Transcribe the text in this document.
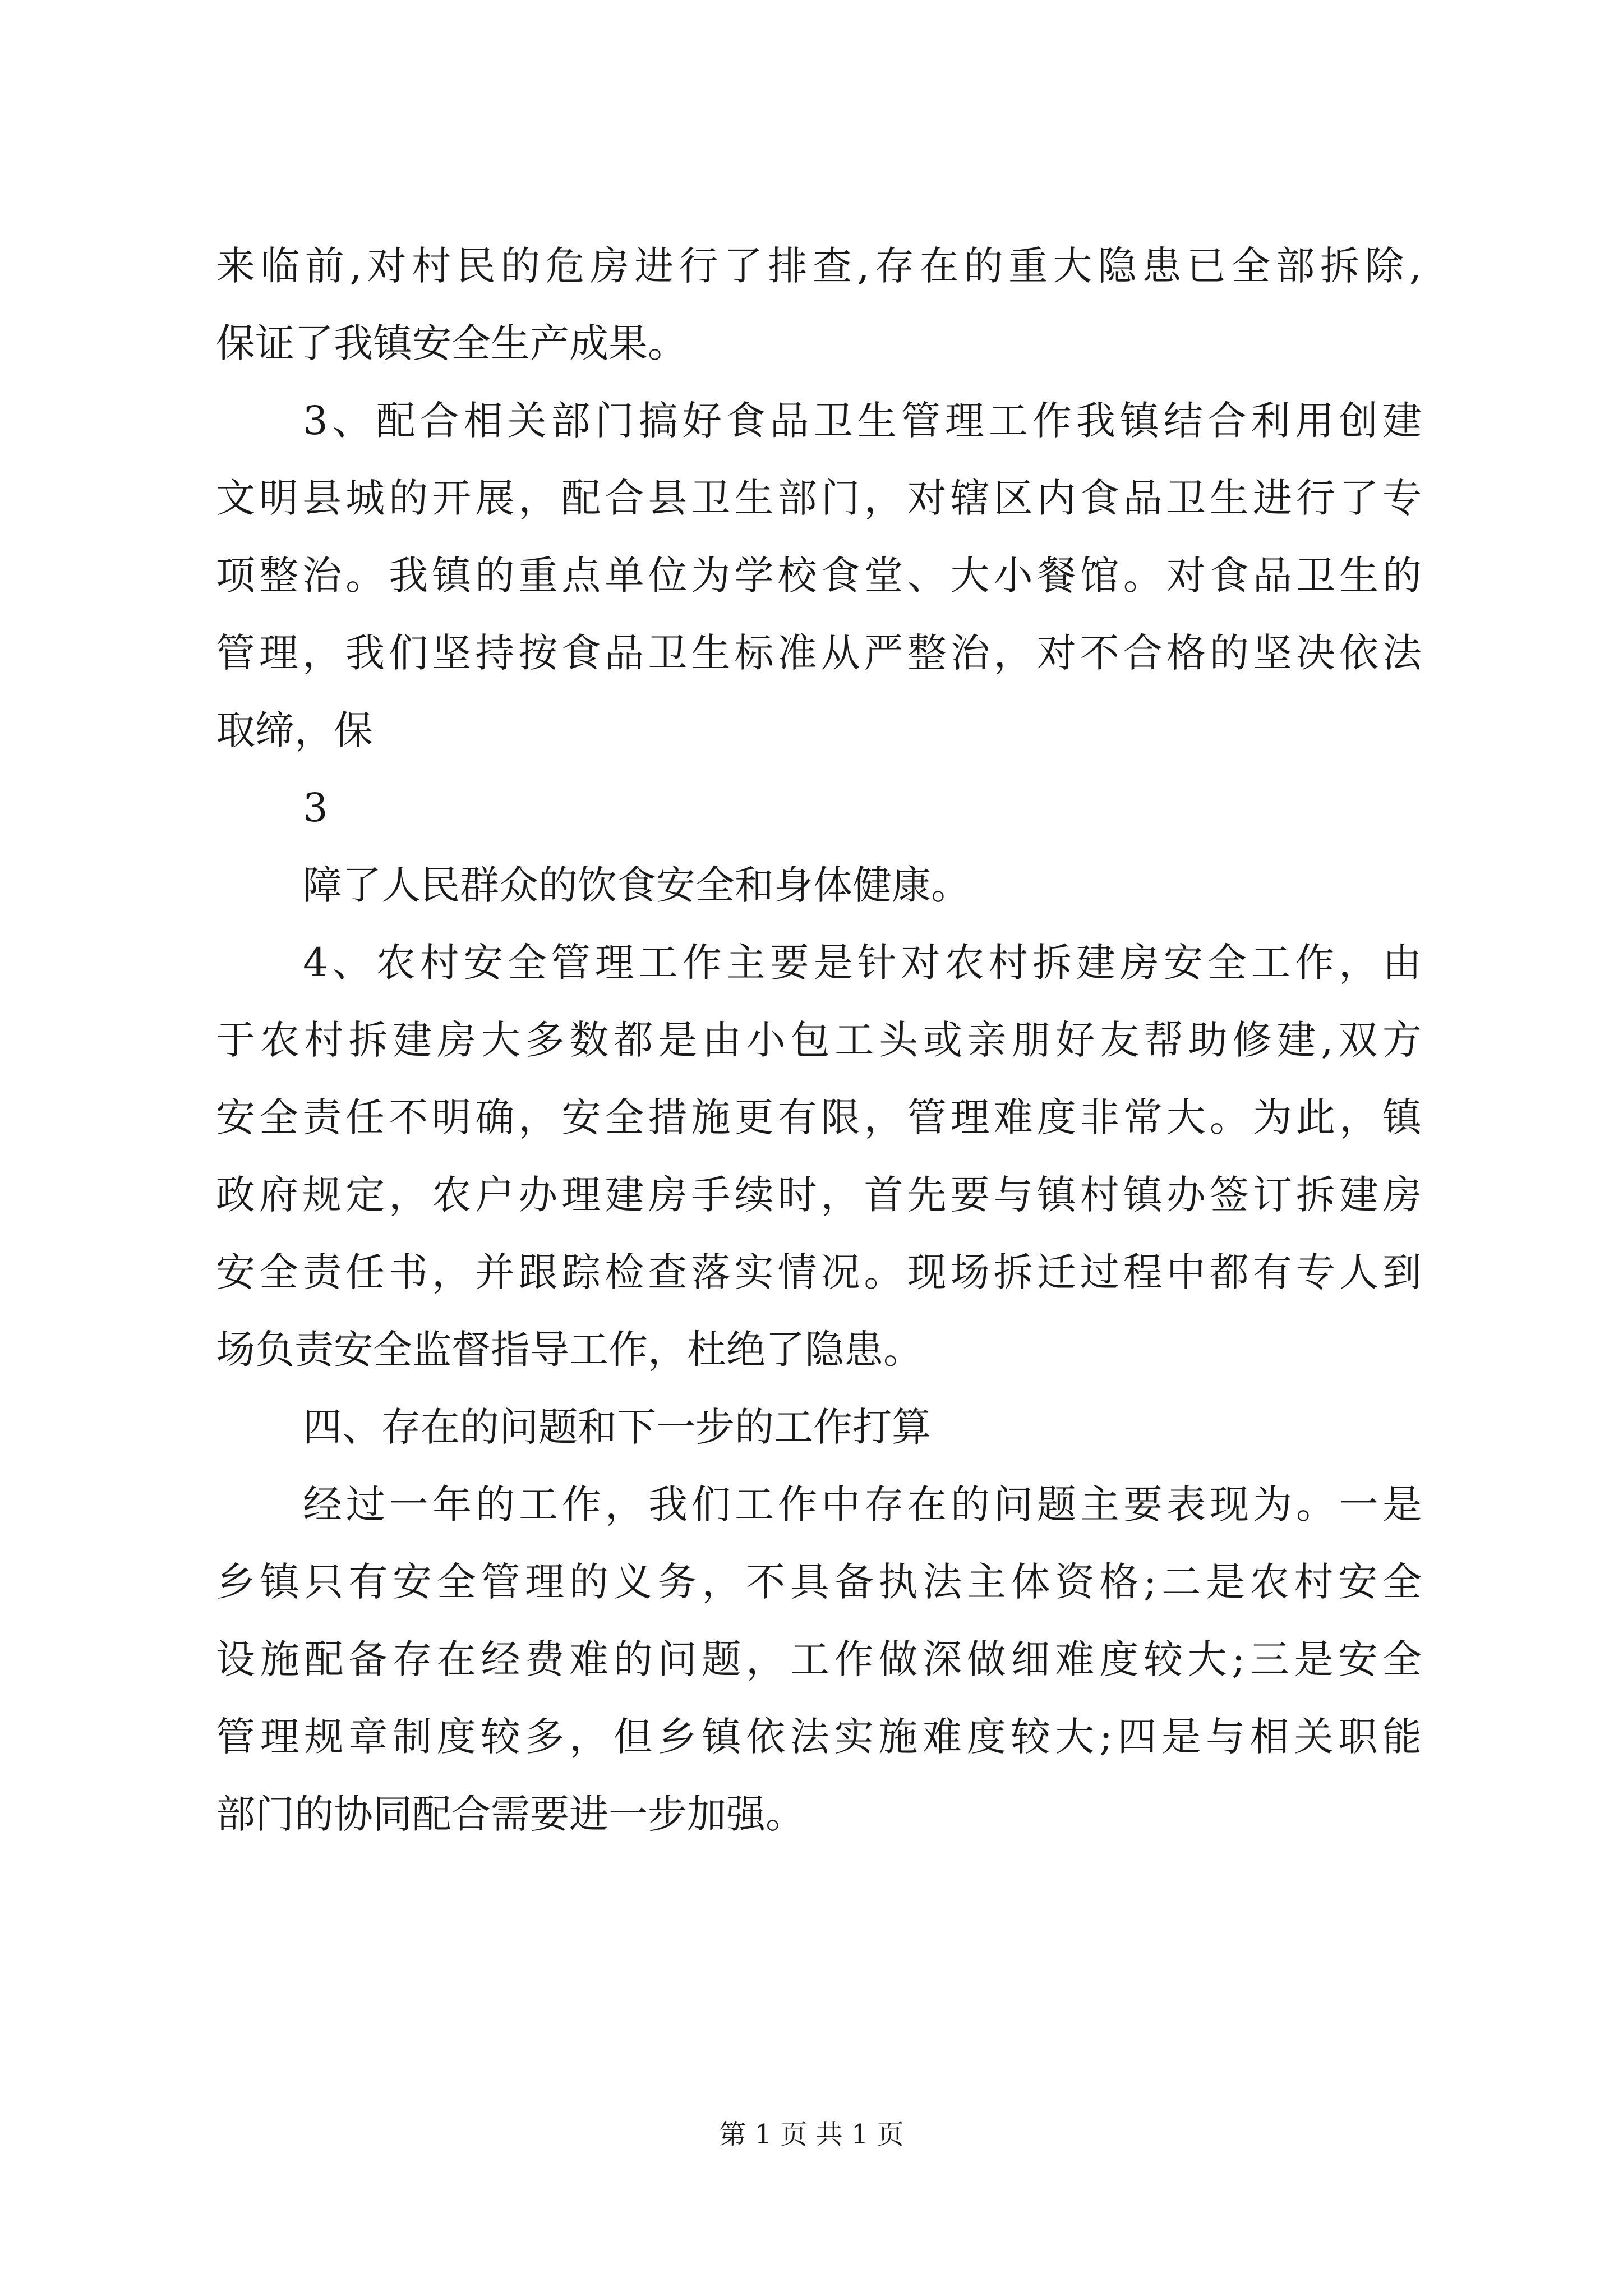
来临前,对村民的危房进行了排查,存在的重大隐患已全部拆除,
保证了我镇安全生产成果。
3、配合相关部门搞好食品卫生管理工作我镇结合利用创建
文明县城的开展，配合县卫生部门，对辖区内食品卫生进行了专
项整治。我镇的重点单位为学校食堂、大小餐馆。对食品卫生的
管理，我们坚持按食品卫生标准从严整治，对不合格的坚决依法
取缔，保
3
障了人民群众的饮食安全和身体健康。
4、农村安全管理工作主要是针对农村拆建房安全工作，由
于农村拆建房大多数都是由小包工头或亲朋好友帮助修建,双方
安全责任不明确，安全措施更有限，管理难度非常大。为此，镇
政府规定，农户办理建房手续时，首先要与镇村镇办签订拆建房
安全责任书，并跟踪检查落实情况。现场拆迁过程中都有专人到
场负责安全监督指导工作，杜绝了隐患。
四、存在的问题和下一步的工作打算
经过一年的工作，我们工作中存在的问题主要表现为。一是
乡镇只有安全管理的义务，不具备执法主体资格;二是农村安全
设施配备存在经费难的问题，工作做深做细难度较大;三是安全
管理规章制度较多，但乡镇依法实施难度较大;四是与相关职能
部门的协同配合需要进一步加强。
第 1 页 共 1 页
